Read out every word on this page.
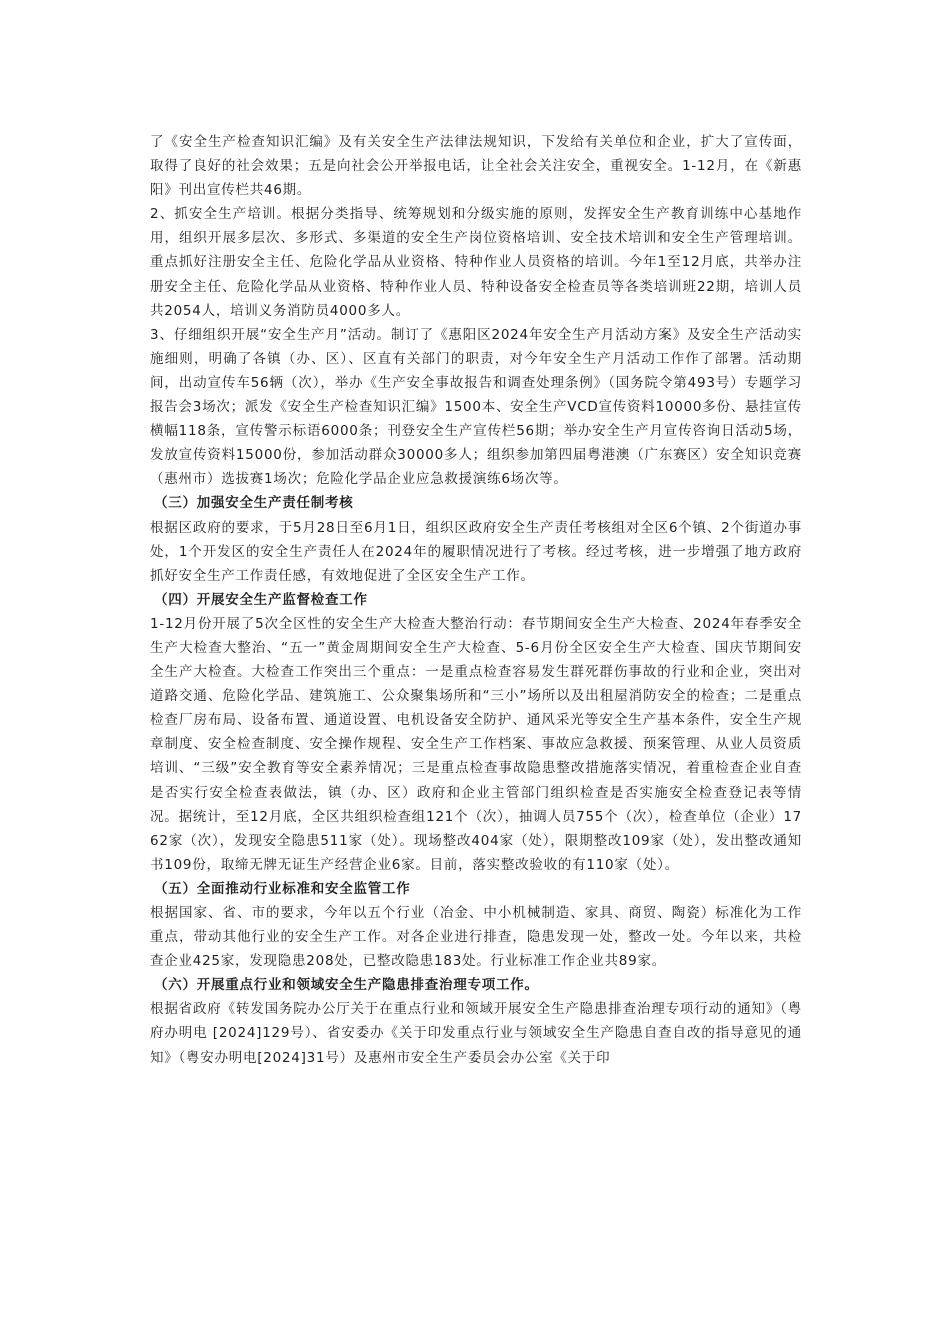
了《安全生产检查知识汇编》及有关安全生产法律法规知识，下发给有关单位和企业，扩大了宣传面，取得了良好的社会效果；五是向社会公开举报电话，让全社会关注安全，重视安全。1-12月，在《新惠阳》刊出宣传栏共46期。

2、抓安全生产培训。根据分类指导、统筹规划和分级实施的原则，发挥安全生产教育训练中心基地作用，组织开展多层次、多形式、多渠道的安全生产岗位资格培训、安全技术培训和安全生产管理培训。重点抓好注册安全主任、危险化学品从业资格、特种作业人员资格的培训。今年1至12月底，共举办注册安全主任、危险化学品从业资格、特种作业人员、特种设备安全检查员等各类培训班22期，培训人员共2054人，培训义务消防员4000多人。

3、仔细组织开展“安全生产月”活动。制订了《惠阳区2024年安全生产月活动方案》及安全生产活动实施细则，明确了各镇（办、区）、区直有关部门的职责，对今年安全生产月活动工作作了部署。活动期间，出动宣传车56辆（次），举办《生产安全事故报告和调查处理条例》（国务院令第493号）专题学习报告会3场次；派发《安全生产检查知识汇编》1500本、安全生产VCD宣传资料10000多份、悬挂宣传横幅118条，宣传警示标语6000条；刊登安全生产宣传栏56期；举办安全生产月宣传咨询日活动5场，发放宣传资料15000份，参加活动群众30000多人；组织参加第四届粤港澳（广东赛区）安全知识竞赛（惠州市）选拔赛1场次；危险化学品企业应急救援演练6场次等。

（三）加强安全生产责任制考核

根据区政府的要求，于5月28日至6月1日，组织区政府安全生产责任考核组对全区6个镇、2个街道办事处，1个开发区的安全生产责任人在2024年的履职情况进行了考核。经过考核，进一步增强了地方政府抓好安全生产工作责任感，有效地促进了全区安全生产工作。

（四）开展安全生产监督检查工作

1-12月份开展了5次全区性的安全生产大检查大整治行动：春节期间安全生产大检查、2024年春季安全生产大检查大整治、“五一”黄金周期间安全生产大检查、5-6月份全区安全生产大检查、国庆节期间安全生产大检查。大检查工作突出三个重点：一是重点检查容易发生群死群伤事故的行业和企业，突出对道路交通、危险化学品、建筑施工、公众聚集场所和“三小”场所以及出租屋消防安全的检查；二是重点检查厂房布局、设备布置、通道设置、电机设备安全防护、通风采光等安全生产基本条件，安全生产规章制度、安全检查制度、安全操作规程、安全生产工作档案、事故应急救援、预案管理、从业人员资质培训、“三级”安全教育等安全素养情况；三是重点检查事故隐患整改措施落实情况，着重检查企业自查是否实行安全检查表做法，镇（办、区）政府和企业主管部门组织检查是否实施安全检查登记表等情况。据统计，至12月底，全区共组织检查组121个（次），抽调人员755个（次），检查单位（企业）1762家（次），发现安全隐患511家（处）。现场整改404家（处），限期整改109家（处），发出整改通知书109份，取缔无牌无证生产经营企业6家。目前，落实整改验收的有110家（处）。

（五）全面推动行业标准和安全监管工作

根据国家、省、市的要求，今年以五个行业（冶金、中小机械制造、家具、商贸、陶瓷）标准化为工作重点，带动其他行业的安全生产工作。对各企业进行排查，隐患发现一处，整改一处。今年以来，共检查企业425家，发现隐患208处，已整改隐患183处。行业标准工作企业共89家。

（六）开展重点行业和领域安全生产隐患排查治理专项工作。

根据省政府《转发国务院办公厅关于在重点行业和领域开展安全生产隐患排查治理专项行动的通知》（粤府办明电 [2024]129号）、省安委办《关于印发重点行业与领域安全生产隐患自查自改的指导意见的通知》（粤安办明电[2024]31号）及惠州市安全生产委员会办公室《关于印
